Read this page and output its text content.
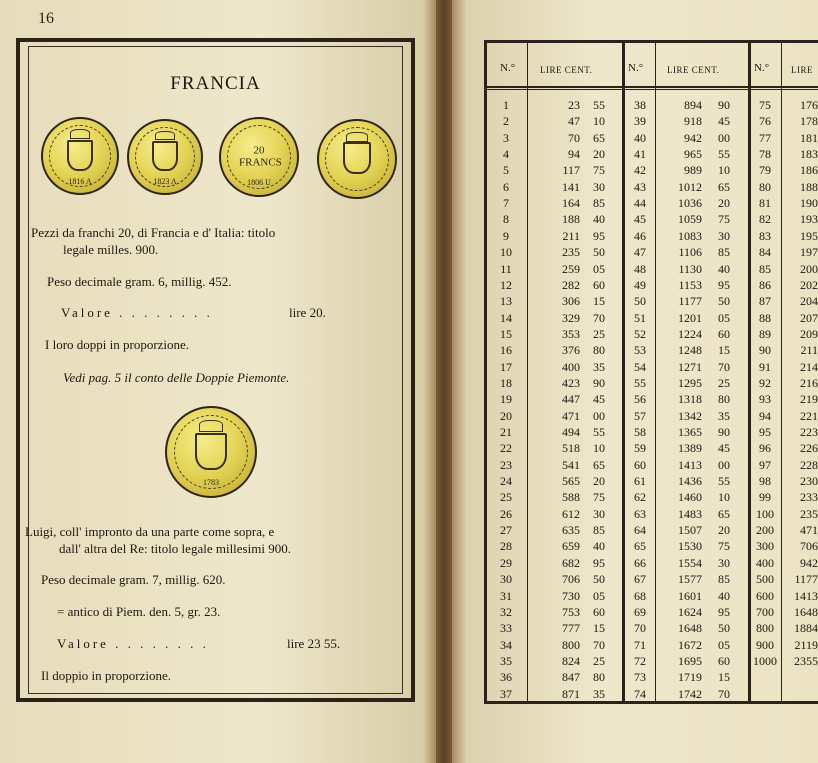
16
FRANCIA
1816 A	1823 A
20 FRANCS
1806 U
Pezzi da franchi 20, di Francia e d' Italia: titolo
legale milles. 900.
Peso decimale gram. 6, millig. 452.
Valore . . . . . . . .	lire 20.
I loro doppi in proporzione.
Vedi pag. 5 il conto delle Doppie Piemonte.
1783
Luigi, coll' impronto da una parte come sopra, e
dall' altra del Re: titolo legale millesimi 900.
Peso decimale gram. 7, millig. 620.
= antico di Piem. den. 5, gr. 23.
Valore . . . . . . . .	lire 23 55.
Il doppio in proporzione.
N.°	LIRE CENT.	N.°	LIRE CENT.	N.° LIRE
1	23	55
2	47	10
3	70	65
4	94	20
5	117	75
6	141	30
7	164	85
8	188	40
9	211	95
10	235	50
11	259	05
12	282	60
13	306	15
14	329	70
15	353	25
16	376	80
17	400	35
18	423	90
19	447	45
20	471	00
21	494	55
22	518	10
23	541	65
24	565	20
25	588	75
26	612	30
27	635	85
28	659	40
29	682	95
30	706	50
31	730	05
32	753	60
33	777	15
34	800	70
35	824	25
36	847	80
37	871	35
38	894	90
39	918	45
40	942	00
41	965	55
42	989	10
43	1012	65
44	1036	20
45	1059	75
46	1083	30
47	1106	85
48	1130	40
49	1153	95
50	1177	50
51	1201	05
52	1224	60
53	1248	15
54	1271	70
55	1295	25
56	1318	80
57	1342	35
58	1365	90
59	1389	45
60	1413	00
61	1436	55
62	1460	10
63	1483	65
64	1507	20
65	1530	75
66	1554	30
67	1577	85
68	1601	40
69	1624	95
70	1648	50
71	1672	05
72	1695	60
73	1719	15
74	1742	70
75	176
76	178
77	181
78	183
79	186
80	188
81	190
82	193
83	195
84	197
85	200
86	202
87	204
88	207
89	209
90	211
91	214
92	216
93	219
94	221
95	223
96	226
97	228
98	230
99	233
100	235
200	471
300	706
400	942
500	1177
600	1413
700	1648
800	1884
900	2119
1000	2355
